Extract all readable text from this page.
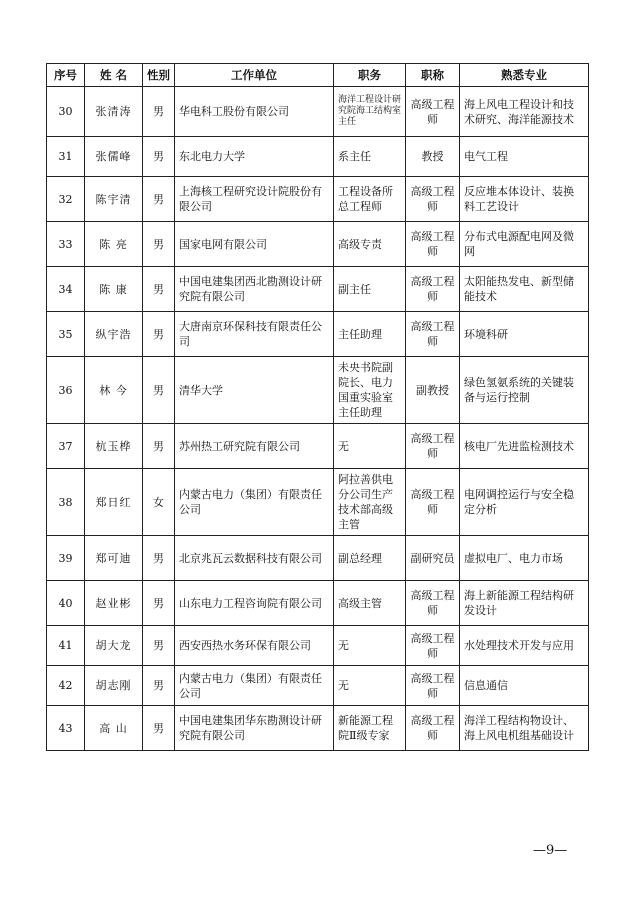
序号	姓 名	性别	工作单位	职务	职称	熟悉专业
30	张清涛	男	华电科工股份有限公司	海洋工程设计研究院海工结构室主任	高级工程师	海上风电工程设计和技术研究、海洋能源技术
31	张儒峰	男	东北电力大学	系主任	教授	电气工程
32	陈宇清	男	上海核工程研究设计院股份有限公司	工程设备所总工程师	高级工程师	反应堆本体设计、装换料工艺设计
33	陈 亮	男	国家电网有限公司	高级专责	高级工程师	分布式电源配电网及微网
34	陈 康	男	中国电建集团西北勘测设计研究院有限公司	副主任	高级工程师	太阳能热发电、新型储能技术
35	纵宇浩	男	大唐南京环保科技有限责任公司	主任助理	高级工程师	环境科研
36	林 今	男	清华大学	未央书院副院长、电力国重实验室主任助理	副教授	绿色氢氨系统的关键装备与运行控制
37	杭玉桦	男	苏州热工研究院有限公司	无	高级工程师	核电厂先进监检测技术
38	郑日红	女	内蒙古电力（集团）有限责任公司	阿拉善供电分公司生产技术部高级主管	高级工程师	电网调控运行与安全稳定分析
39	郑可迪	男	北京兆瓦云数据科技有限公司	副总经理	副研究员	虚拟电厂、电力市场
40	赵业彬	男	山东电力工程咨询院有限公司	高级主管	高级工程师	海上新能源工程结构研发设计
41	胡大龙	男	西安西热水务环保有限公司	无	高级工程师	水处理技术开发与应用
42	胡志刚	男	内蒙古电力（集团）有限责任公司	无	高级工程师	信息通信
43	高 山	男	中国电建集团华东勘测设计研究院有限公司	新能源工程院Ⅱ级专家	高级工程师	海洋工程结构物设计、海上风电机组基础设计
—9—
